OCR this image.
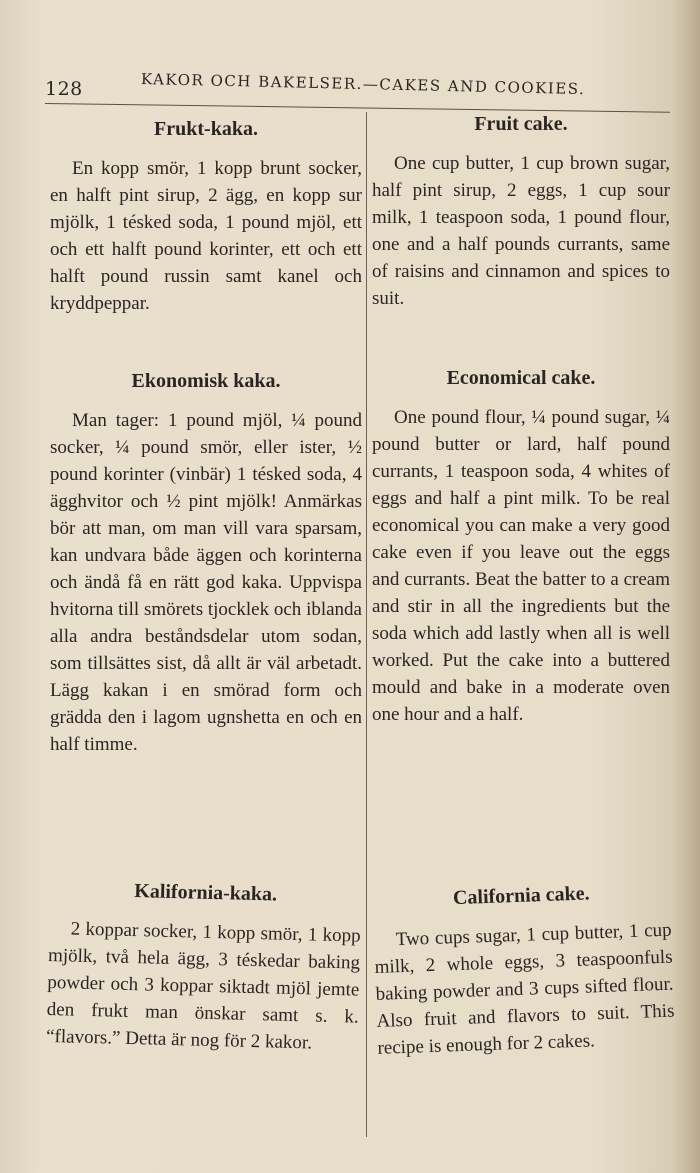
128	KAKOR OCH BAKELSER.—CAKES AND COOKIES.
Frukt-kaka.

En kopp smör, 1 kopp brunt socker, en halft pint sirup, 2 ägg, en kopp sur mjölk, 1 tésked soda, 1 pound mjöl, ett och ett halft pound korinter, ett och ett halft pound russin samt kanel och kryddpeppar.

Ekonomisk kaka.

Man tager: 1 pound mjöl, ¼ pound socker, ¼ pound smör, eller ister, ½ pound korinter (vinbär) 1 tésked soda, 4 ägghvitor och ½ pint mjölk! Anmärkas bör att man, om man vill vara sparsam, kan undvara både äggen och korinterna och ändå få en rätt god kaka. Uppvispa hvitorna till smörets tjocklek och iblanda alla andra beståndsdelar utom sodan, som tillsättes sist, då allt är väl arbetadt. Lägg kakan i en smörad form och grädda den i lagom ugnshetta en och en half timme.

Kalifornia-kaka.

2 koppar socker, 1 kopp smör, 1 kopp mjölk, två hela ägg, 3 téskedar baking powder och 3 koppar siktadt mjöl jemte den frukt man önskar samt s. k. “flavors.” Detta är nog för 2 kakor.

Fruit cake.

One cup butter, 1 cup brown sugar, half pint sirup, 2 eggs, 1 cup sour milk, 1 teaspoon soda, 1 pound flour, one and a half pounds currants, same of raisins and cinnamon and spices to suit.

Economical cake.

One pound flour, ¼ pound sugar, ¼ pound butter or lard, half pound currants, 1 teaspoon soda, 4 whites of eggs and half a pint milk. To be real economical you can make a very good cake even if you leave out the eggs and currants. Beat the batter to a cream and stir in all the ingredients but the soda which add lastly when all is well worked. Put the cake into a buttered mould and bake in a moderate oven one hour and a half.

California cake.

Two cups sugar, 1 cup butter, 1 cup milk, 2 whole eggs, 3 teaspoonfuls baking powder and 3 cups sifted flour. Also fruit and flavors to suit. This recipe is enough for 2 cakes.
